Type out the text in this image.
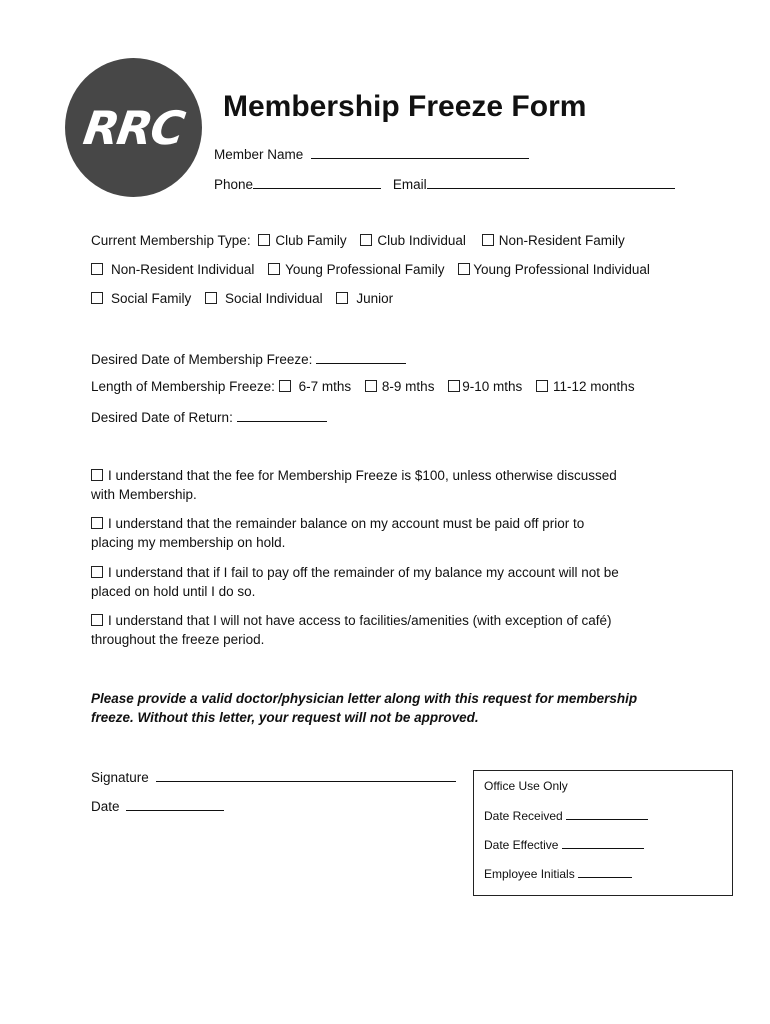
RRC Membership Freeze Form
Member Name
Phone	Email
Current Membership Type: Club Family Club Individual Non-Resident Family
Non-Resident Individual Young Professional Family Young Professional Individual
Social Family	Social Individual	Junior
Desired Date of Membership Freeze:
Length of Membership Freeze: 6-7 mths 8-9 mths 9-10 mths 11-12 months
Desired Date of Return:
I understand that the fee for Membership Freeze is $100, unless otherwise discussed
with Membership.
I understand that the remainder balance on my account must be paid off prior to
placing my membership on hold.
I understand that if I fail to pay off the remainder of my balance my account will not be
placed on hold until I do so.
I understand that I will not have access to facilities/amenities (with exception of café)
throughout the freeze period.
Please provide a valid doctor/physician letter along with this request for membership
freeze. Without this letter, your request will not be approved.
Signature
Date
Office Use Only
Date Received
Date Effective
Employee Initials
